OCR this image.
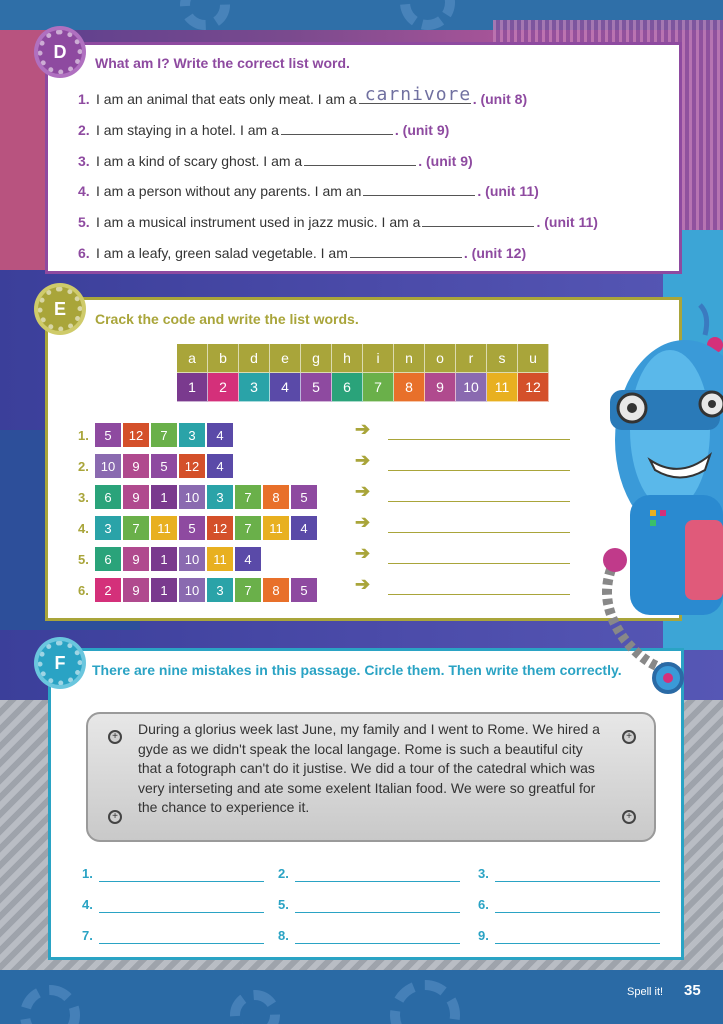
D
What am I? Write the correct list word.
1. I am an animal that eats only meat. I am a carnivore . (unit 8)
2. I am staying in a hotel. I am a	. (unit 9)
3. I am a kind of scary ghost. I am a	. (unit 9)
4. I am a person without any parents. I am an	. (unit 11)
5. I am a musical instrument used in jazz music. I am a	. (unit 11)
6. I am a leafy, green salad vegetable. I am	. (unit 12)
E
Crack the code and write the list words.
a	b	d	e	g	h	i	n	o	r	s	u
1	2	3	4	5	6	7	8	9	10	11	12
1.	5	12	7	3	4	➔
2. 10	9	5	12	4	➔
3.	6	9	1	10	3	7	8	5	➔
4.	3	7	11	5	12	7	11	4	➔
5.	6	9	1	10	11	4	➔
6.	2	9	1	10	3	7	8	5	➔
F	There are nine mistakes in this passage. Circle them. Then write them correctly.
+	+
+	+
During a glorius week last June, my family and I went to Rome. We hired a gyde as we didn't speak the local langage. Rome is such a beautiful city that a fotograph can't do it justise. We did a tour of the catedral which was very interseting and ate some exelent Italian food. We were so greatful for the chance to experience it.
1.	2.	3.
4.	5.	6.
7.	8.	9.
Spell it! 35
